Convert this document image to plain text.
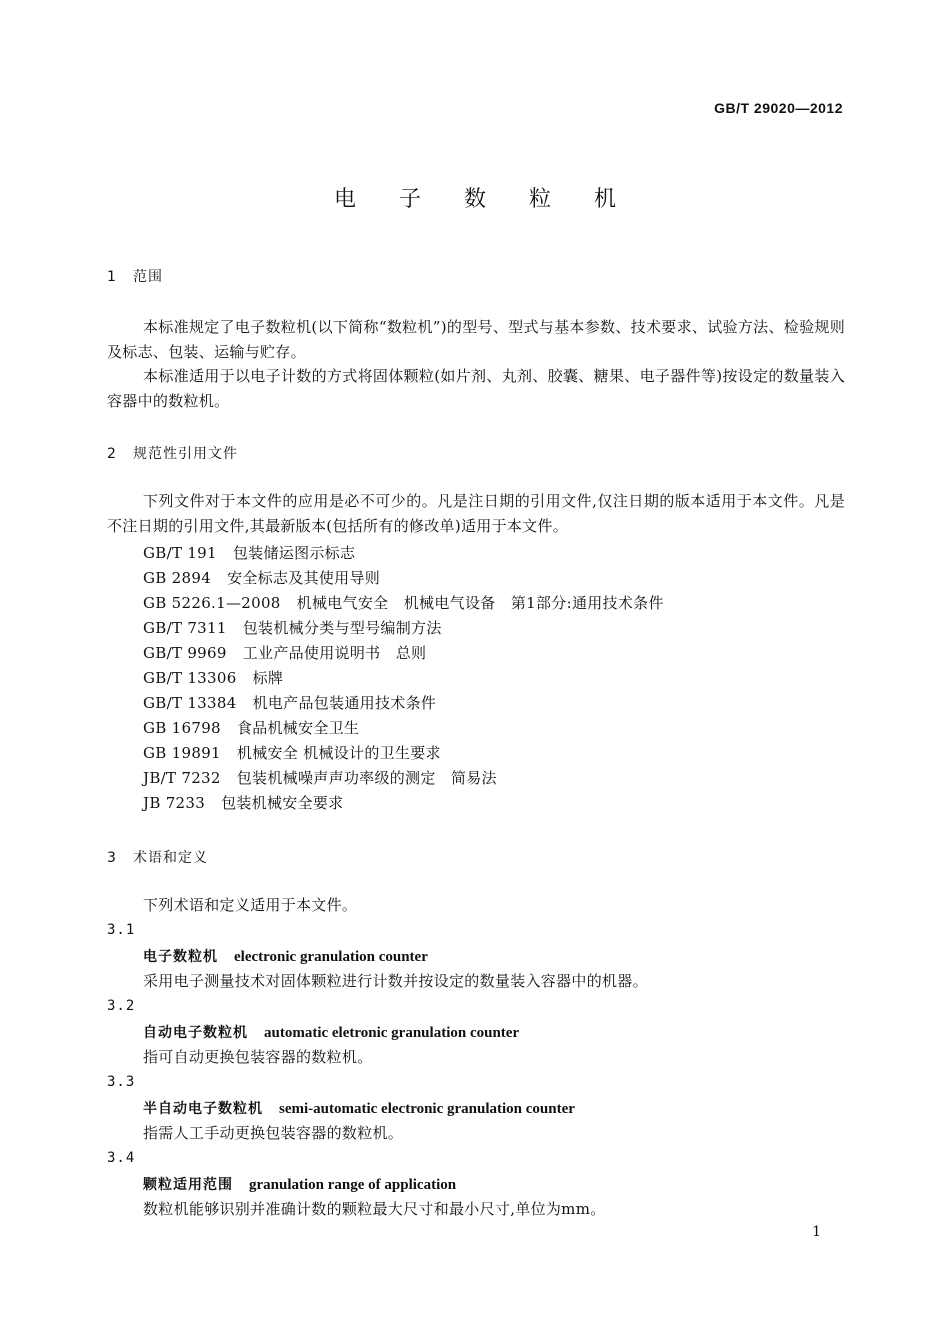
GB/T 29020—2012
电 子 数 粒 机
1 范围
本标准规定了电子数粒机(以下简称“数粒机”)的型号、型式与基本参数、技术要求、试验方法、检验规则及标志、包装、运输与贮存。
本标准适用于以电子计数的方式将固体颗粒(如片剂、丸剂、胶囊、糖果、电子器件等)按设定的数量装入容器中的数粒机。
2 规范性引用文件
下列文件对于本文件的应用是必不可少的。凡是注日期的引用文件,仅注日期的版本适用于本文件。凡是不注日期的引用文件,其最新版本(包括所有的修改单)适用于本文件。
GB/T 191 包装储运图示标志
GB 2894 安全标志及其使用导则
GB 5226.1—2008 机械电气安全　机械电气设备　第1部分:通用技术条件
GB/T 7311 包装机械分类与型号编制方法
GB/T 9969 工业产品使用说明书　总则
GB/T 13306 标牌
GB/T 13384 机电产品包装通用技术条件
GB 16798 食品机械安全卫生
GB 19891 机械安全 机械设计的卫生要求
JB/T 7232 包装机械噪声声功率级的测定　简易法
JB 7233 包装机械安全要求
3 术语和定义
下列术语和定义适用于本文件。
3.1
电子数粒机 electronic granulation counter
采用电子测量技术对固体颗粒进行计数并按设定的数量装入容器中的机器。
3.2
自动电子数粒机 automatic eletronic granulation counter
指可自动更换包装容器的数粒机。
3.3
半自动电子数粒机 semi-automatic electronic granulation counter
指需人工手动更换包装容器的数粒机。
3.4
颗粒适用范围 granulation range of application
数粒机能够识别并准确计数的颗粒最大尺寸和最小尺寸,单位为mm。
1
